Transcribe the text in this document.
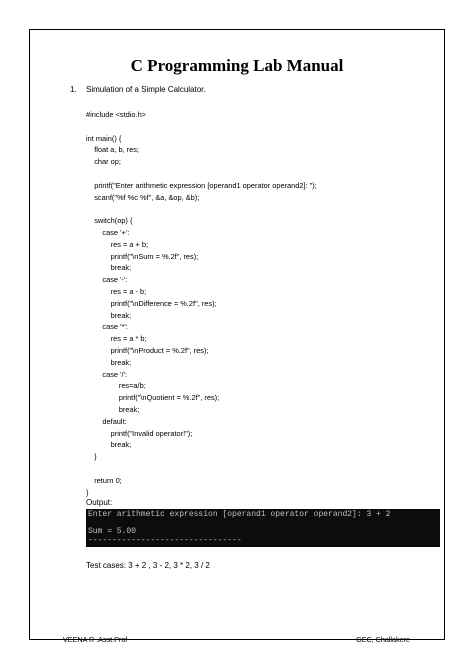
C Programming Lab Manual
1. Simulation of a Simple Calculator.
#include <stdio.h>
int main() {
float a, b, res;
char op;
printf("Enter arithmetic expression [operand1 operator operand2]: ");
scanf("%f %c %f", &a, &op, &b);
switch(op) {
case '+':
res = a + b;
printf("\nSum = %.2f", res);
break;
case '-':
res = a - b;
printf("\nDifference = %.2f", res);
break;
case '*':
res = a * b;
printf("\nProduct = %.2f", res);
break;
case '/':
res=a/b;
printf("\nQuotient = %.2f", res);
break;
default:
printf("Invalid operator!");
break;
}
return 0;
}
Output:
Enter arithmetic expression [operand1 operator operand2]: 3 + 2
Sum = 5.00
--------------------------------
Test cases: 3 + 2 , 3 - 2, 3 * 2, 3 / 2
VEENA R .Asst.Prof	GEC, Challakere
